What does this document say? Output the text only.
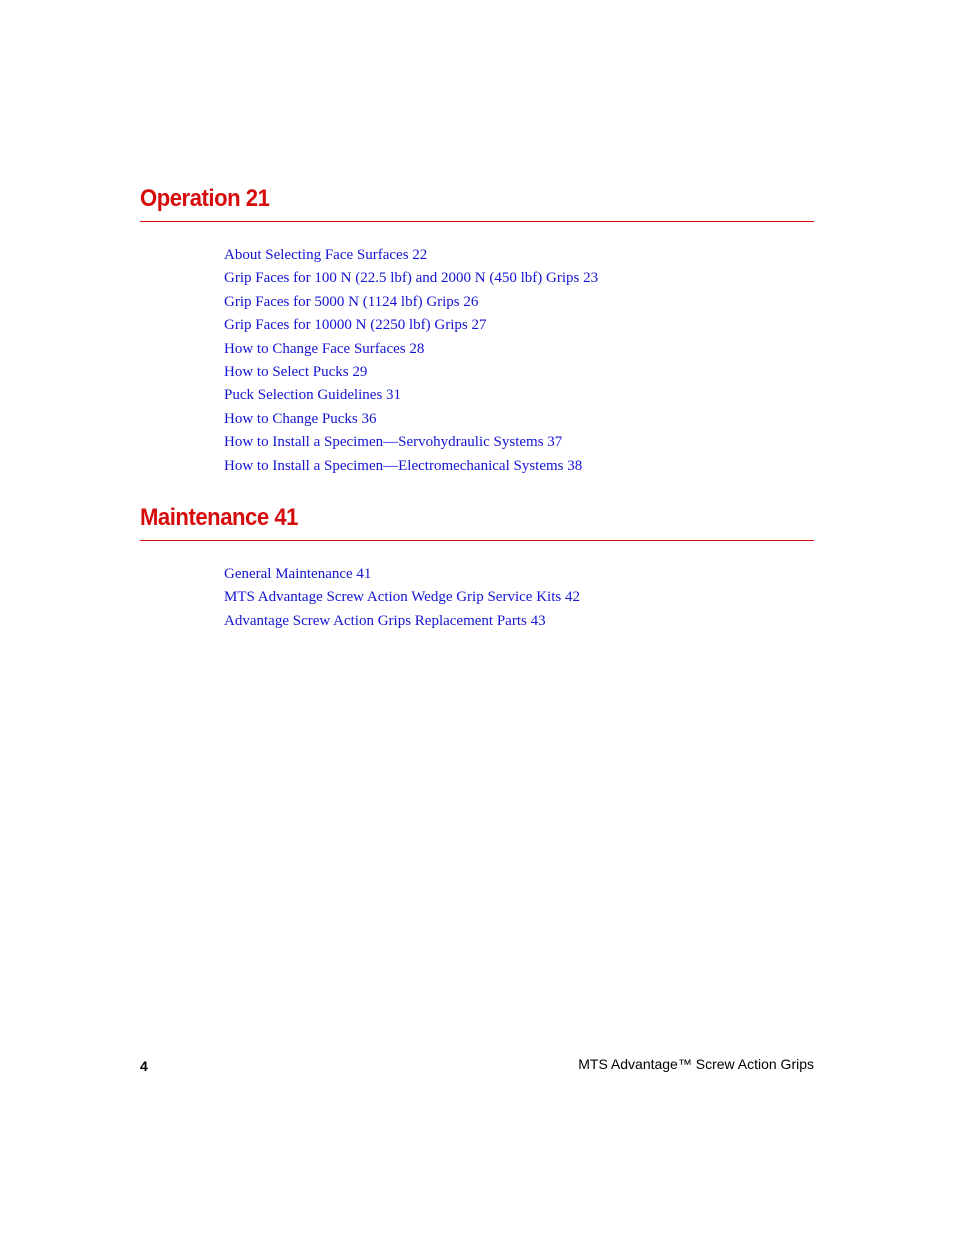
Operation 21
About Selecting Face Surfaces 22
Grip Faces for 100 N (22.5 lbf) and 2000 N (450 lbf) Grips 23
Grip Faces for 5000 N (1124 lbf) Grips 26
Grip Faces for 10000 N (2250 lbf) Grips 27
How to Change Face Surfaces 28
How to Select Pucks 29
Puck Selection Guidelines 31
How to Change Pucks 36
How to Install a Specimen—Servohydraulic Systems 37
How to Install a Specimen—Electromechanical Systems 38
Maintenance 41
General Maintenance 41
MTS Advantage Screw Action Wedge Grip Service Kits 42
Advantage Screw Action Grips Replacement Parts 43
4	MTS Advantage™ Screw Action Grips
